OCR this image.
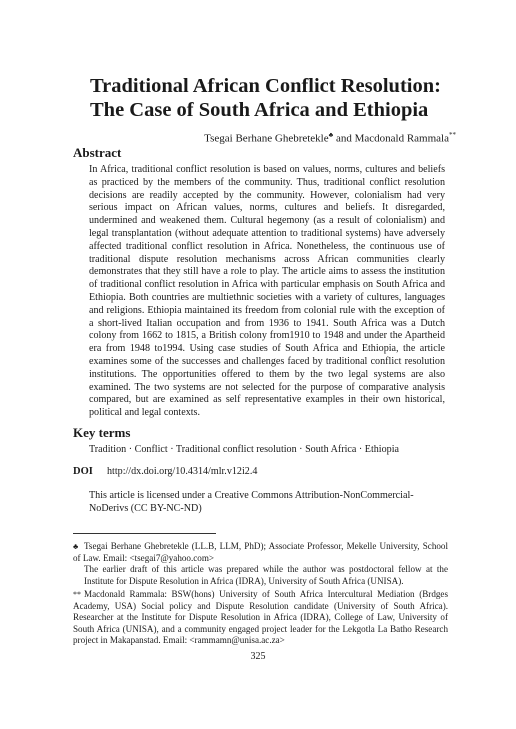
Traditional African Conflict Resolution:
The Case of South Africa and Ethiopia
Tsegai Berhane Ghebretekle♣ and Macdonald Rammala**
Abstract

In Africa, traditional conflict resolution is based on values, norms, cultures and beliefs as practiced by the members of the community. Thus, traditional conflict resolution decisions are readily accepted by the community. However, colonialism had very serious impact on African values, norms, cultures and beliefs. It disregarded, undermined and weakened them. Cultural hegemony (as a result of colonialism) and legal transplantation (without adequate attention to traditional systems) have adversely affected traditional conflict resolution in Africa. Nonetheless, the continuous use of traditional dispute resolution mechanisms across African communities clearly demonstrates that they still have a role to play. The article aims to assess the institution of traditional conflict resolution in Africa with particular emphasis on South Africa and Ethiopia. Both countries are multiethnic societies with a variety of cultures, languages and religions. Ethiopia maintained its freedom from colonial rule with the exception of a short-lived Italian occupation and from 1936 to 1941. South Africa was a Dutch colony from 1662 to 1815, a British colony from1910 to 1948 and under the Apartheid era from 1948 to1994. Using case studies of South Africa and Ethiopia, the article examines some of the successes and challenges faced by traditional conflict resolution institutions. The opportunities offered to them by the two legal systems are also examined. The two systems are not selected for the purpose of comparative analysis compared, but are examined as self representative examples in their own historical, political and legal contexts.

Key terms
Tradition · Conflict · Traditional conflict resolution · South Africa · Ethiopia
DOI http://dx.doi.org/10.4314/mlr.v12i2.4

This article is licensed under a Creative Commons Attribution-NonCommercial-NoDerivs (CC BY-NC-ND)

♣ Tsegai Berhane Ghebretekle (LL.B, LLM, PhD); Associate Professor, Mekelle University, School of Law. Email: <tsegai7@yahoo.com>
The earlier draft of this article was prepared while the author was postdoctoral fellow at the Institute for Dispute Resolution in Africa (IDRA), University of South Africa (UNISA).
** Macdonald Rammala: BSW(hons) University of South Africa Intercultural Mediation (Brdges Academy, USA) Social policy and Dispute Resolution candidate (University of South Africa). Researcher at the Institute for Dispute Resolution in Africa (IDRA), College of Law, University of South Africa (UNISA), and a community engaged project leader for the Lekgotla La Batho Research project in Makapanstad. Email: <rammamn@unisa.ac.za>
325
